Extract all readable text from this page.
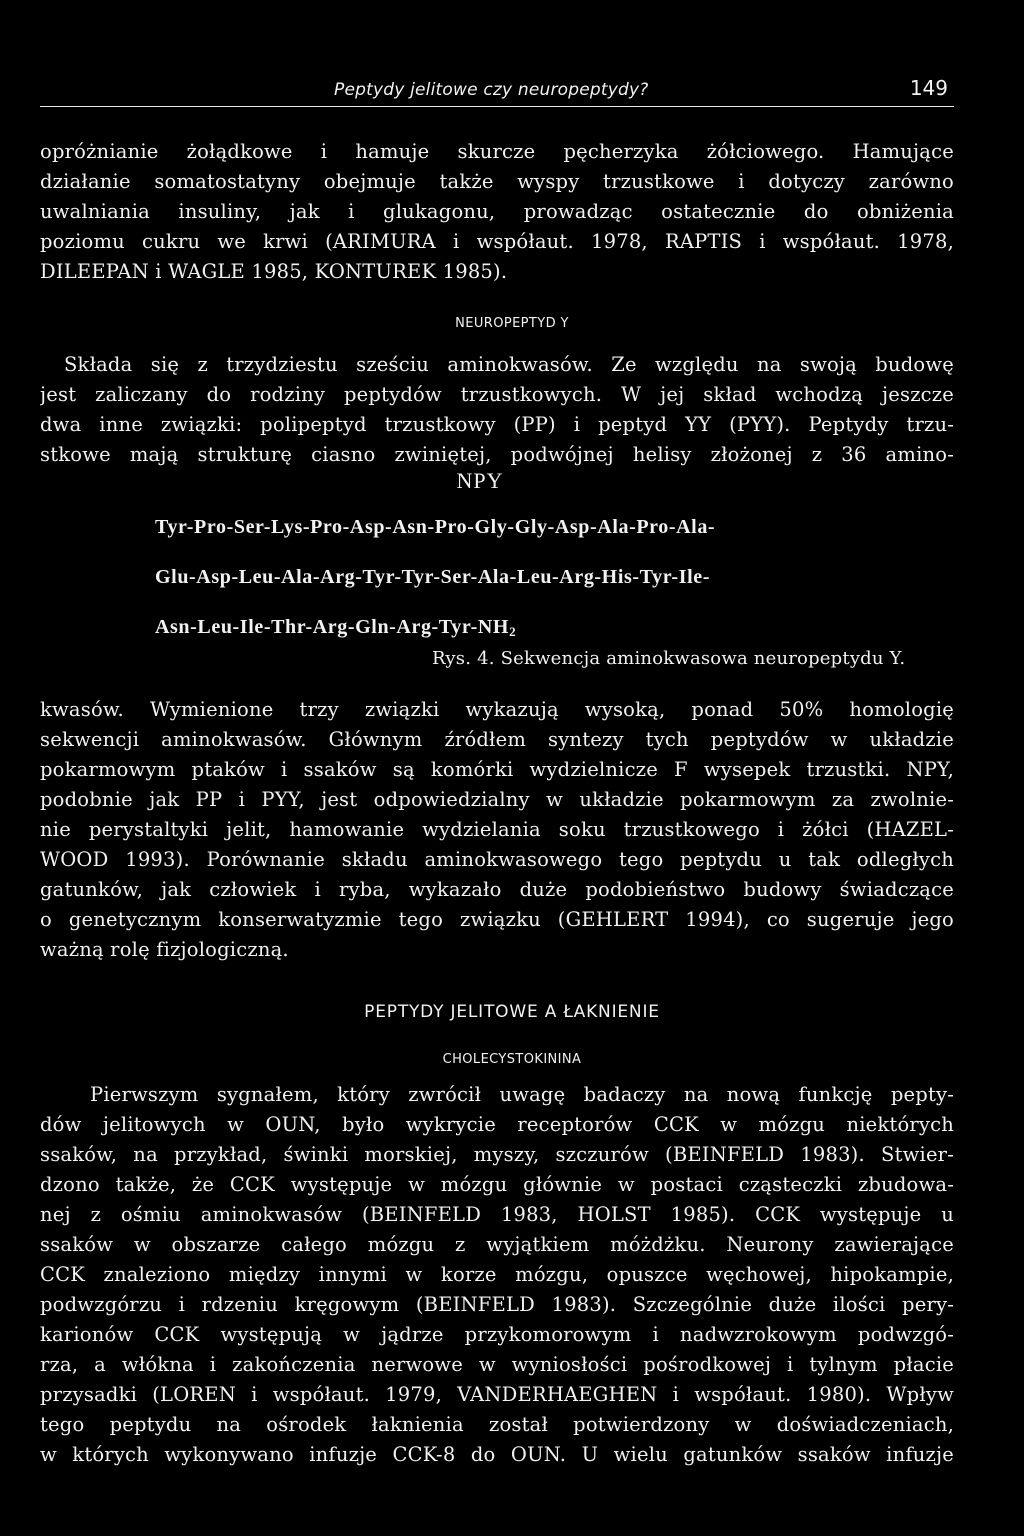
Peptydy jelitowe czy neuropeptydy?	149
opróżnianie żołądkowe i hamuje skurcze pęcherzyka żółciowego. Hamujące
działanie somatostatyny obejmuje także wyspy trzustkowe i dotyczy zarówno
uwalniania insuliny, jak i glukagonu, prowadząc ostatecznie do obniżenia
poziomu cukru we krwi (ARIMURA i współaut. 1978, RAPTIS i współaut. 1978,
DILEEPAN i WAGLE 1985, KONTUREK 1985).
NEUROPEPTYD Y
Składa się z trzydziestu sześciu aminokwasów. Ze względu na swoją budowę
jest zaliczany do rodziny peptydów trzustkowych. W jej skład wchodzą jeszcze
dwa inne związki: polipeptyd trzustkowy (PP) i peptyd YY (PYY). Peptydy trzu-
stkowe mają strukturę ciasno zwiniętej, podwójnej helisy złożonej z 36 amino-
NPY
Tyr-Pro-Ser-Lys-Pro-Asp-Asn-Pro-Gly-Gly-Asp-Ala-Pro-Ala-
Glu-Asp-Leu-Ala-Arg-Tyr-Tyr-Ser-Ala-Leu-Arg-His-Tyr-Ile-
Asn-$Leu-Ile-Thr-Arg-Gln-Arg-Tyr-NH_2$
Rys. 4. Sekwencja aminokwasowa neuropeptydu Y.
kwasów. Wymienione trzy związki wykazują wysoką, ponad 50% homologię
sekwencji aminokwasów. Głównym źródłem syntezy tych peptydów w układzie
pokarmowym ptaków i ssaków są komórki wydzielnicze F wysepek trzustki. NPY,
podobnie jak PP i PYY, jest odpowiedzialny w układzie pokarmowym za zwolnie-
nie perystaltyki jelit, hamowanie wydzielania soku trzustkowego i żółci (HAZEL-
WOOD 1993). Porównanie składu aminokwasowego tego peptydu u tak odległych
gatunków, jak człowiek i ryba, wykazało duże podobieństwo budowy świadczące
o genetycznym konserwatyzmie tego związku (GEHLERT 1994), co sugeruje jego
ważną rolę fizjologiczną.
PEPTYDY JELITOWE A ŁAKNIENIE
CHOLECYSTOKININA
Pierwszym sygnałem, który zwrócił uwagę badaczy na nową funkcję pepty-
dów jelitowych w OUN, było wykrycie receptorów CCK w mózgu niektórych
ssaków, na przykład, świnki morskiej, myszy, szczurów (BEINFELD 1983). Stwier-
dzono także, że CCK występuje w mózgu głównie w postaci cząsteczki zbudowa-
nej z ośmiu aminokwasów (BEINFELD 1983, HOLST 1985). CCK występuje u
ssaków w obszarze całego mózgu z wyjątkiem móżdżku. Neurony zawierające
CCK znaleziono między innymi w korze mózgu, opuszce węchowej, hipokampie,
podwzgórzu i rdzeniu kręgowym (BEINFELD 1983). Szczególnie duże ilości pery-
karionów CCK występują w jądrze przykomorowym i nadwzrokowym podwzgó-
rza, a włókna i zakończenia nerwowe w wyniosłości pośrodkowej i tylnym płacie
przysadki (LOREN i współaut. 1979, VANDERHAEGHEN i współaut. 1980). Wpływ
tego peptydu na ośrodek łaknienia został potwierdzony w doświadczeniach,
w których wykonywano infuzje CCK-8 do OUN. U wielu gatunków ssaków infuzje
